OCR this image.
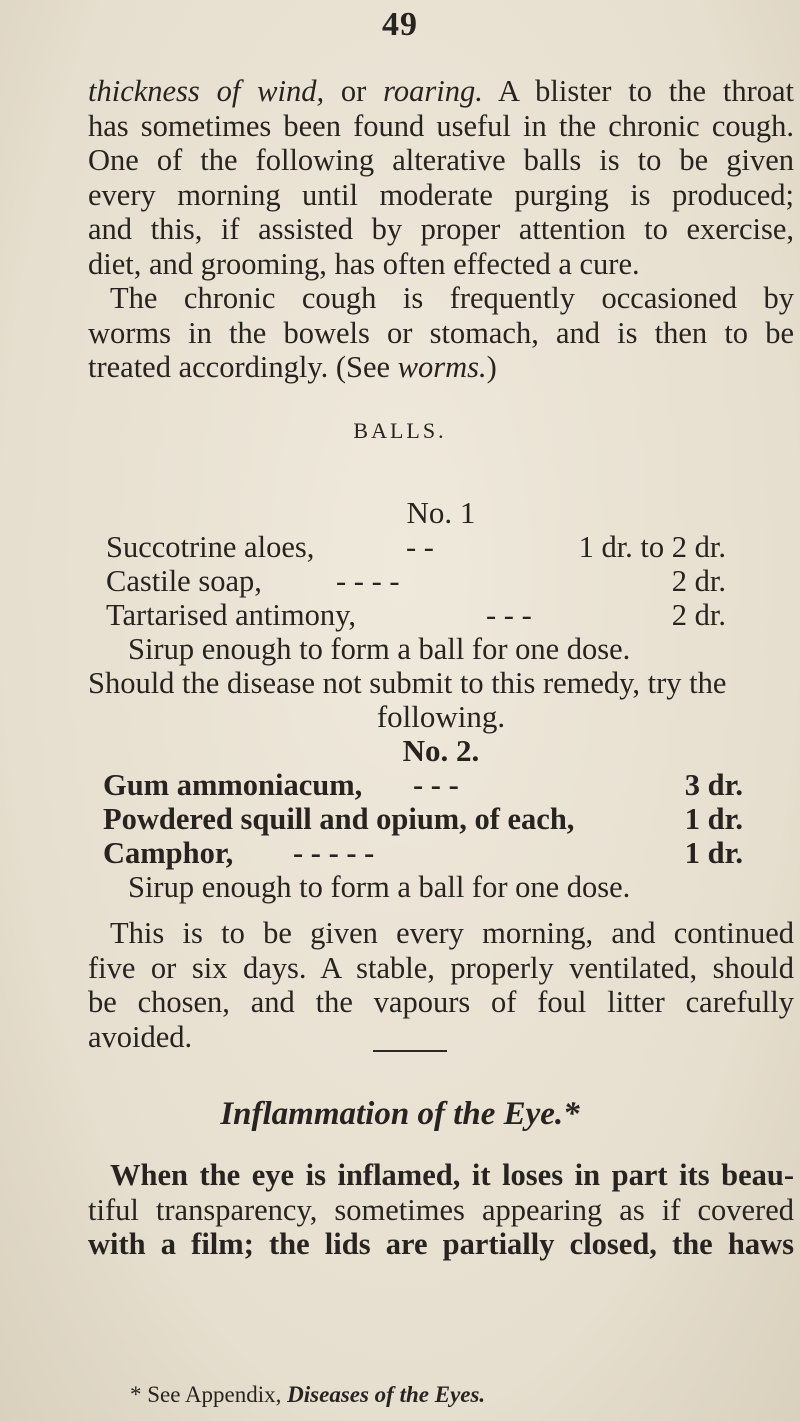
49
thickness of wind, or roaring. A blister to the throat
has sometimes been found useful in the chronic cough.
One of the following alterative balls is to be given
every morning until moderate purging is produced;
and this, if assisted by proper attention to exercise,
diet, and grooming, has often effected a cure.
The chronic cough is frequently occasioned by
worms in the bowels or stomach, and is then to be
treated accordingly. (See worms.)
BALLS.
No. 1
Succotrine aloes,	- -	1 dr. to 2 dr.
Castile soap, - - - -	2 dr.
Tartarised antimony,	- - -	2 dr.
Sirup enough to form a ball for one dose.
Should the disease not submit to this remedy, try the
following.
No. 2.
Gum ammoniacum, - - -	3 dr.
Powdered squill and opium, of each,	1 dr.
Camphor, - - - - -	1 dr.
Sirup enough to form a ball for one dose.
This is to be given every morning, and continued
five or six days. A stable, properly ventilated, should
be chosen, and the vapours of foul litter carefully
avoided.
Inflammation of the Eye.*
When the eye is inflamed, it loses in part its beau-
tiful transparency, sometimes appearing as if covered
with a film; the lids are partially closed, the haws
* See Appendix, Diseases of the Eyes.
